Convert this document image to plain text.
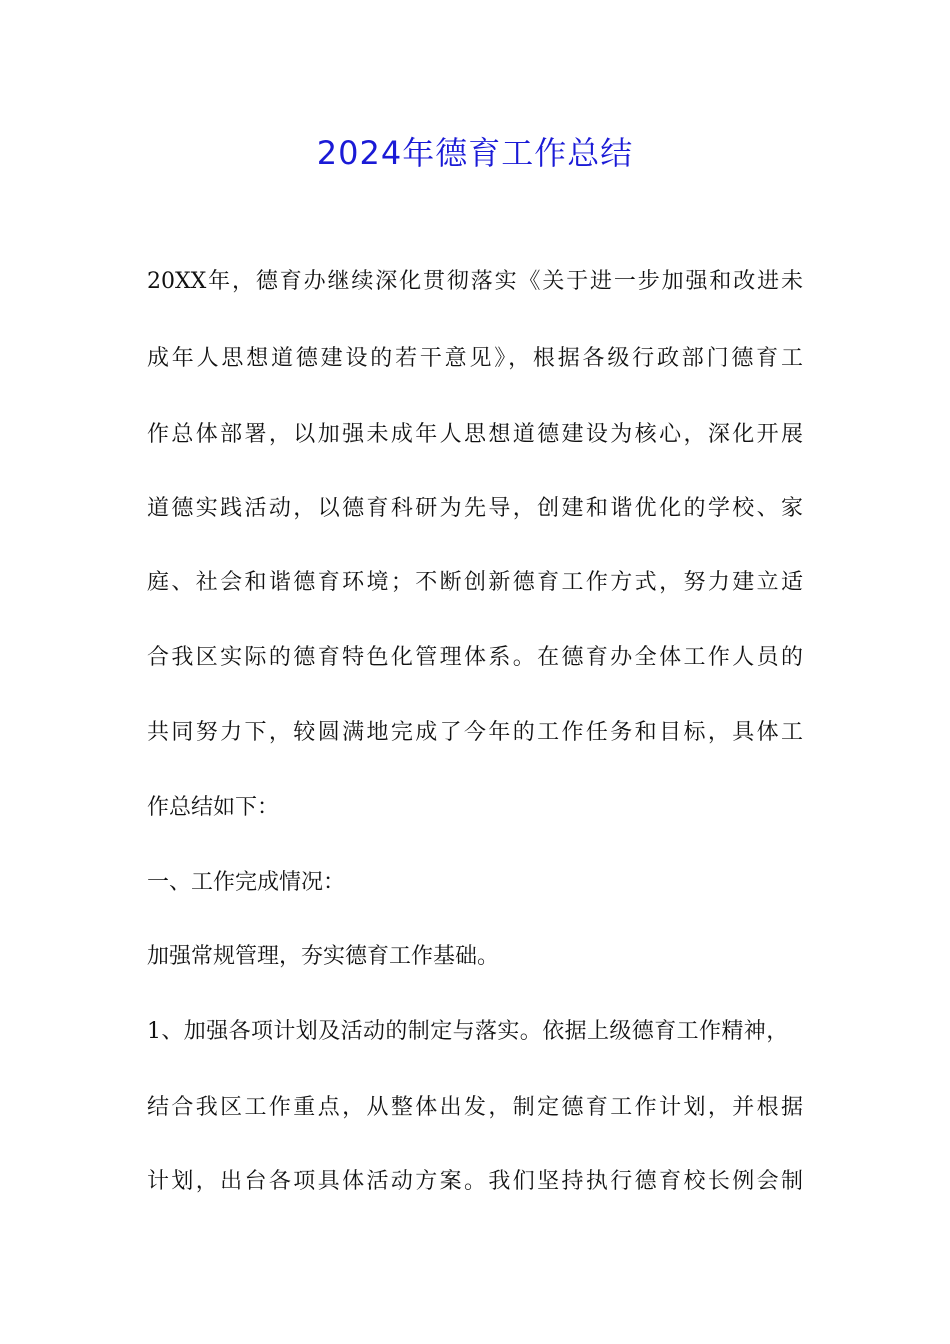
2024年德育工作总结

20XX年，德育办继续深化贯彻落实《关于进一步加强和改进未

成年人思想道德建设的若干意见》，根据各级行政部门德育工

作总体部署，以加强未成年人思想道德建设为核心，深化开展

道德实践活动，以德育科研为先导，创建和谐优化的学校、家

庭、社会和谐德育环境；不断创新德育工作方式，努力建立适

合我区实际的德育特色化管理体系。在德育办全体工作人员的

共同努力下，较圆满地完成了今年的工作任务和目标，具体工

作总结如下：

一、工作完成情况：

加强常规管理，夯实德育工作基础。

1、加强各项计划及活动的制定与落实。依据上级德育工作精神，

结合我区工作重点，从整体出发，制定德育工作计划，并根据

计划，出台各项具体活动方案。我们坚持执行德育校长例会制
